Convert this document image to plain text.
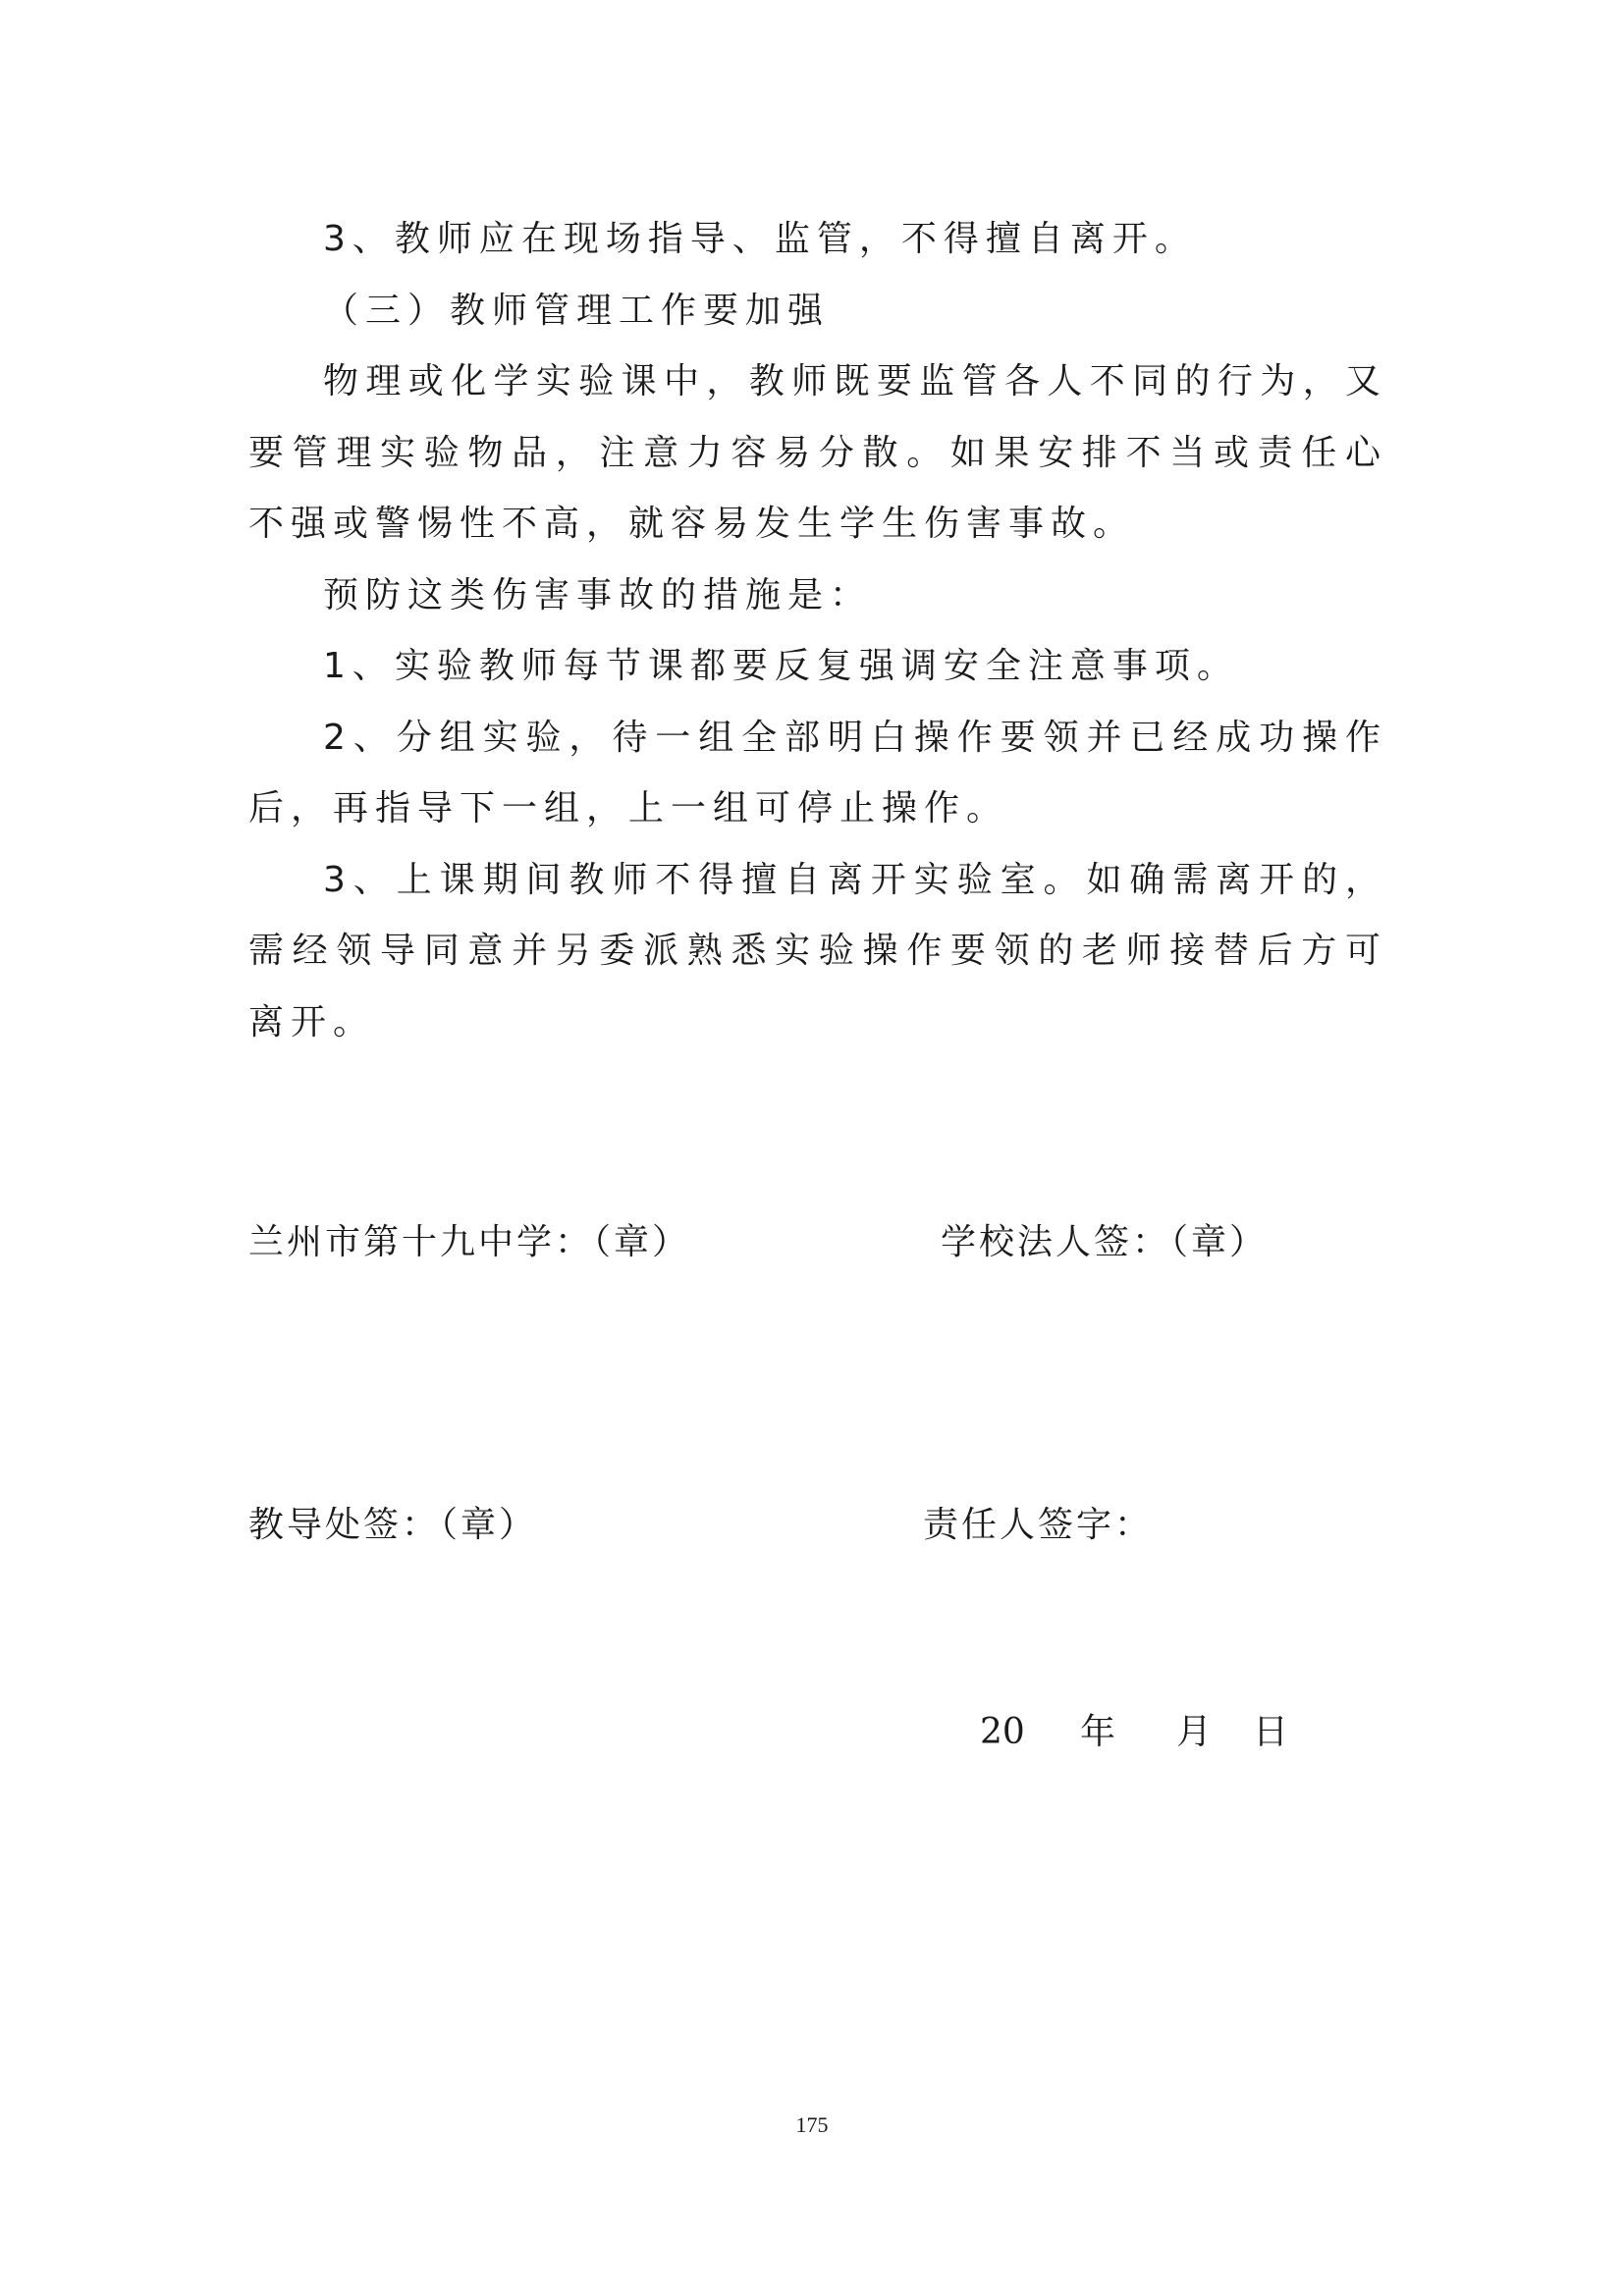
3、教师应在现场指导、监管，不得擅自离开。

（三）教师管理工作要加强

物理或化学实验课中，教师既要监管各人不同的行为，又要管理实验物品，注意力容易分散。如果安排不当或责任心不强或警惕性不高，就容易发生学生伤害事故。

预防这类伤害事故的措施是：

1、实验教师每节课都要反复强调安全注意事项。

2、分组实验，待一组全部明白操作要领并已经成功操作后，再指导下一组，上一组可停止操作。

3、上课期间教师不得擅自离开实验室。如确需离开的，需经领导同意并另委派熟悉实验操作要领的老师接替后方可离开。

兰州市第十九中学：（章）	学校法人签：（章）
教导处签：（章）	责任人签字：
20 年 月 日
175
